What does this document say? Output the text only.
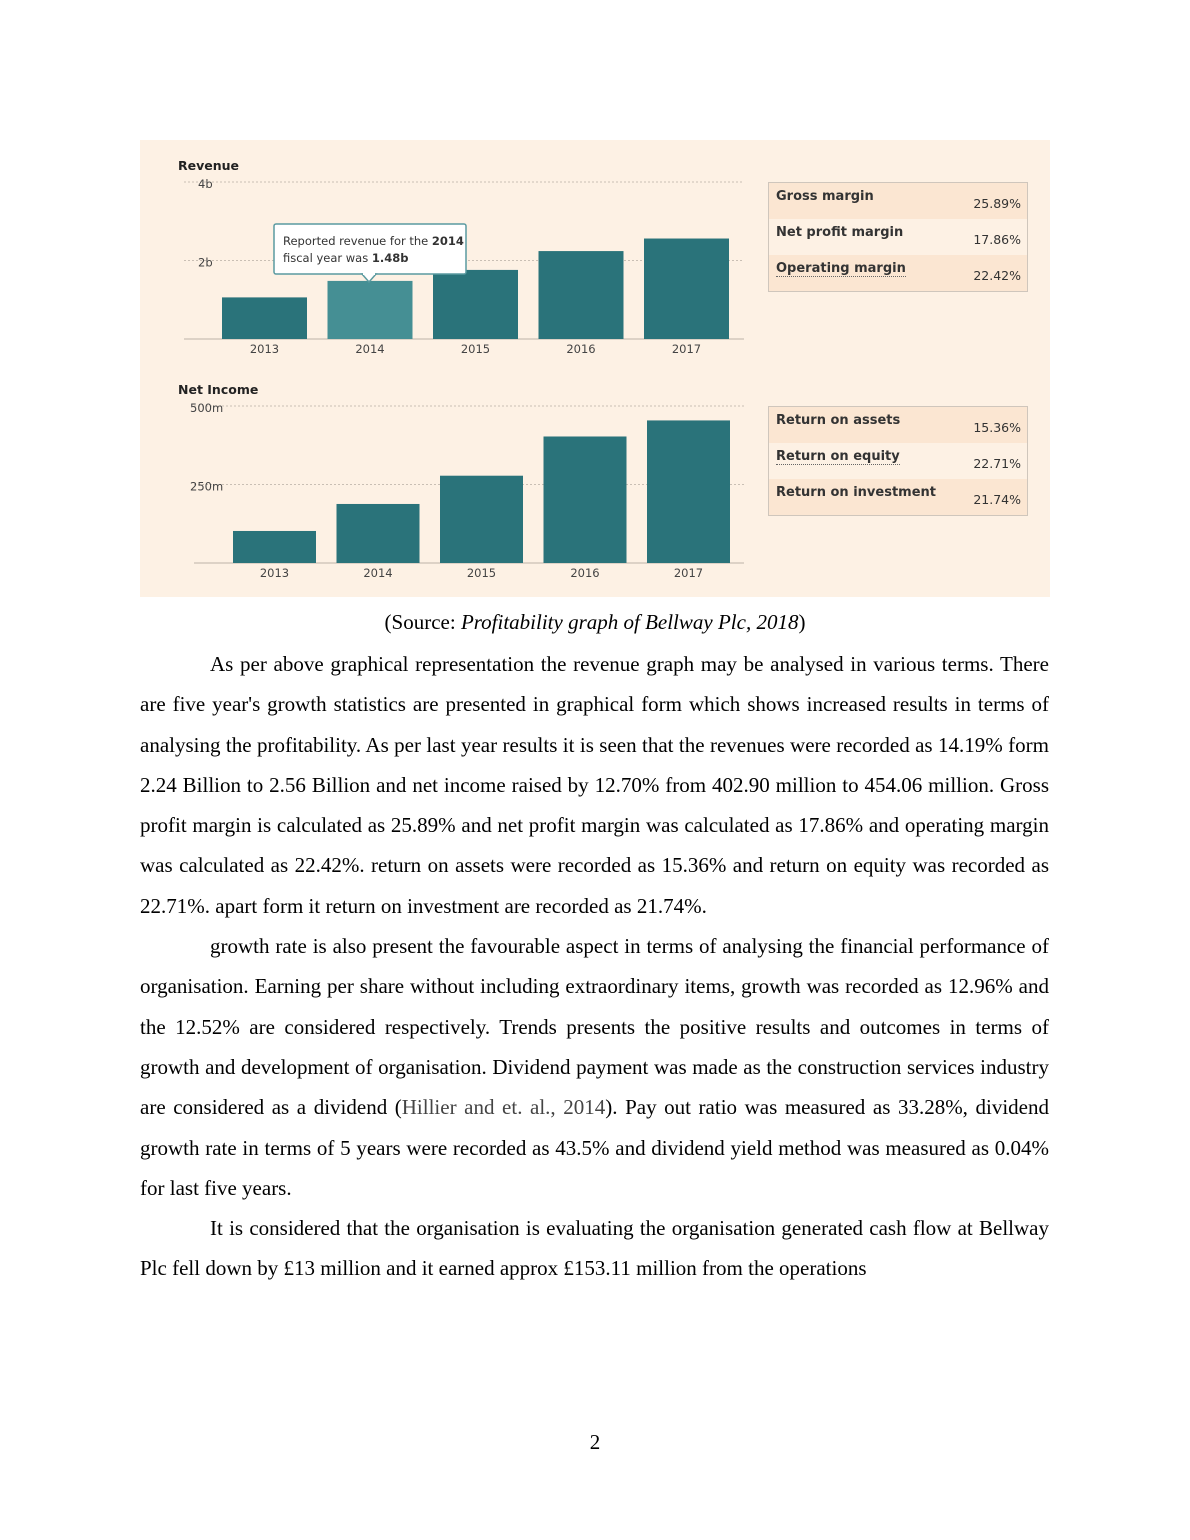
Revenue
2b
4b
2013	2014	2015	2016	2017
Net Income
250m
500m
2013	2014	2015	2016	2017
Reported revenue for the 2014
fiscal year was 1.48b
Gross margin	25.89%
Net profit margin	17.86%
Operating margin	22.42%
Return on assets	15.36%
Return on equity	22.71%
Return on investment	21.74%
(Source: Profitability graph of Bellway Plc, 2018)

As per above graphical representation the revenue graph may be analysed in various terms. There are five year's growth statistics are presented in graphical form which shows increased results in terms of analysing the profitability. As per last year results it is seen that the revenues were recorded as 14.19% form 2.24 Billion to 2.56 Billion and net income raised by 12.70% from 402.90 million to 454.06 million. Gross profit margin is calculated as 25.89% and net profit margin was calculated as 17.86% and operating margin was calculated as 22.42%. return on assets were recorded as 15.36% and return on equity was recorded as 22.71%. apart form it return on investment are recorded as 21.74%.

growth rate is also present the favourable aspect in terms of analysing the financial performance of organisation. Earning per share without including extraordinary items, growth was recorded as 12.96% and the 12.52% are considered respectively. Trends presents the positive results and outcomes in terms of growth and development of organisation. Dividend payment was made as the construction services industry are considered as a dividend (Hillier and et. al., 2014). Pay out ratio was measured as 33.28%, dividend growth rate in terms of 5 years were recorded as 43.5% and dividend yield method was measured as 0.04% for last five years.

It is considered that the organisation is evaluating the organisation generated cash flow at Bellway Plc fell down by £13 million and it earned approx £153.11 million from the operations

2
